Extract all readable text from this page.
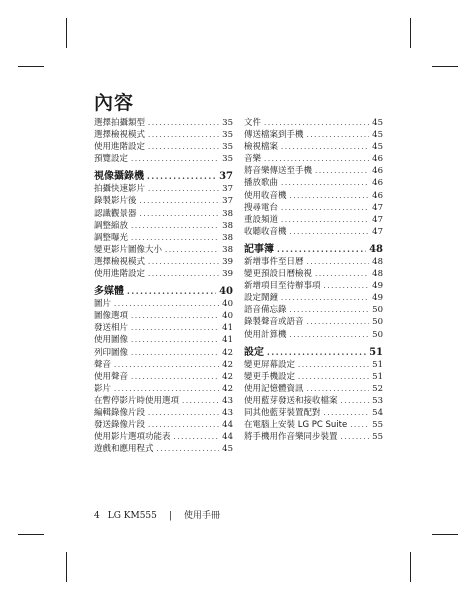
內容
選擇拍攝類型 .....	35
選擇檢視模式 .....	35
使用進階設定 .....	35
預覽設定 .....	35
視像攝錄機 .....	37
拍攝快速影片 .....	37
錄製影片後 .....	37
認識觀景器 .....	38
調整縮放 .....	38
調整曝光 .....	38
變更影片圖像大小 .....	38
選擇檢視模式 .....	39
使用進階設定 .....	39
多媒體 .....	40
圖片 .....	40
圖像選項 .....	40
發送相片 .....	41
使用圖像 .....	41
列印圖像 .....	42
聲音 .....	42
使用聲音 .....	42
影片 .....	42
在暫停影片時使用選項 .....	43
編輯錄像片段 .....	43
發送錄像片段 .....	44
使用影片選項功能表 .....	44
遊戲和應用程式 .....	45
文件 .....	45
傳送檔案到手機 .....	45
檢視檔案 .....	45
音樂 .....	46
將音樂傳送至手機 .....	46
播放歌曲 .....	46
使用收音機 .....	46
搜尋電台 .....	47
重設頻道 .....	47
收聽收音機 .....	47
記事簿 .....	48
新增事件至日曆 .....	48
變更預設日曆檢視 .....	48
新增項目至待辦事項 .....	49
設定鬧鐘 .....	49
語音備忘錄 .....	50
錄製聲音或語音 .....	50
使用計算機 .....	50
設定 .....	51
變更屏幕設定 .....	51
變更手機設定 .....	51
使用記憶體資訊 .....	52
使用藍芽發送和接收檔案 .....	53
同其他藍芽裝置配對 .....	54
在電腦上安裝 LG PC Suite .....	55
將手機用作音樂同步裝置 .....	55
4 LG KM555 | 使用手冊
